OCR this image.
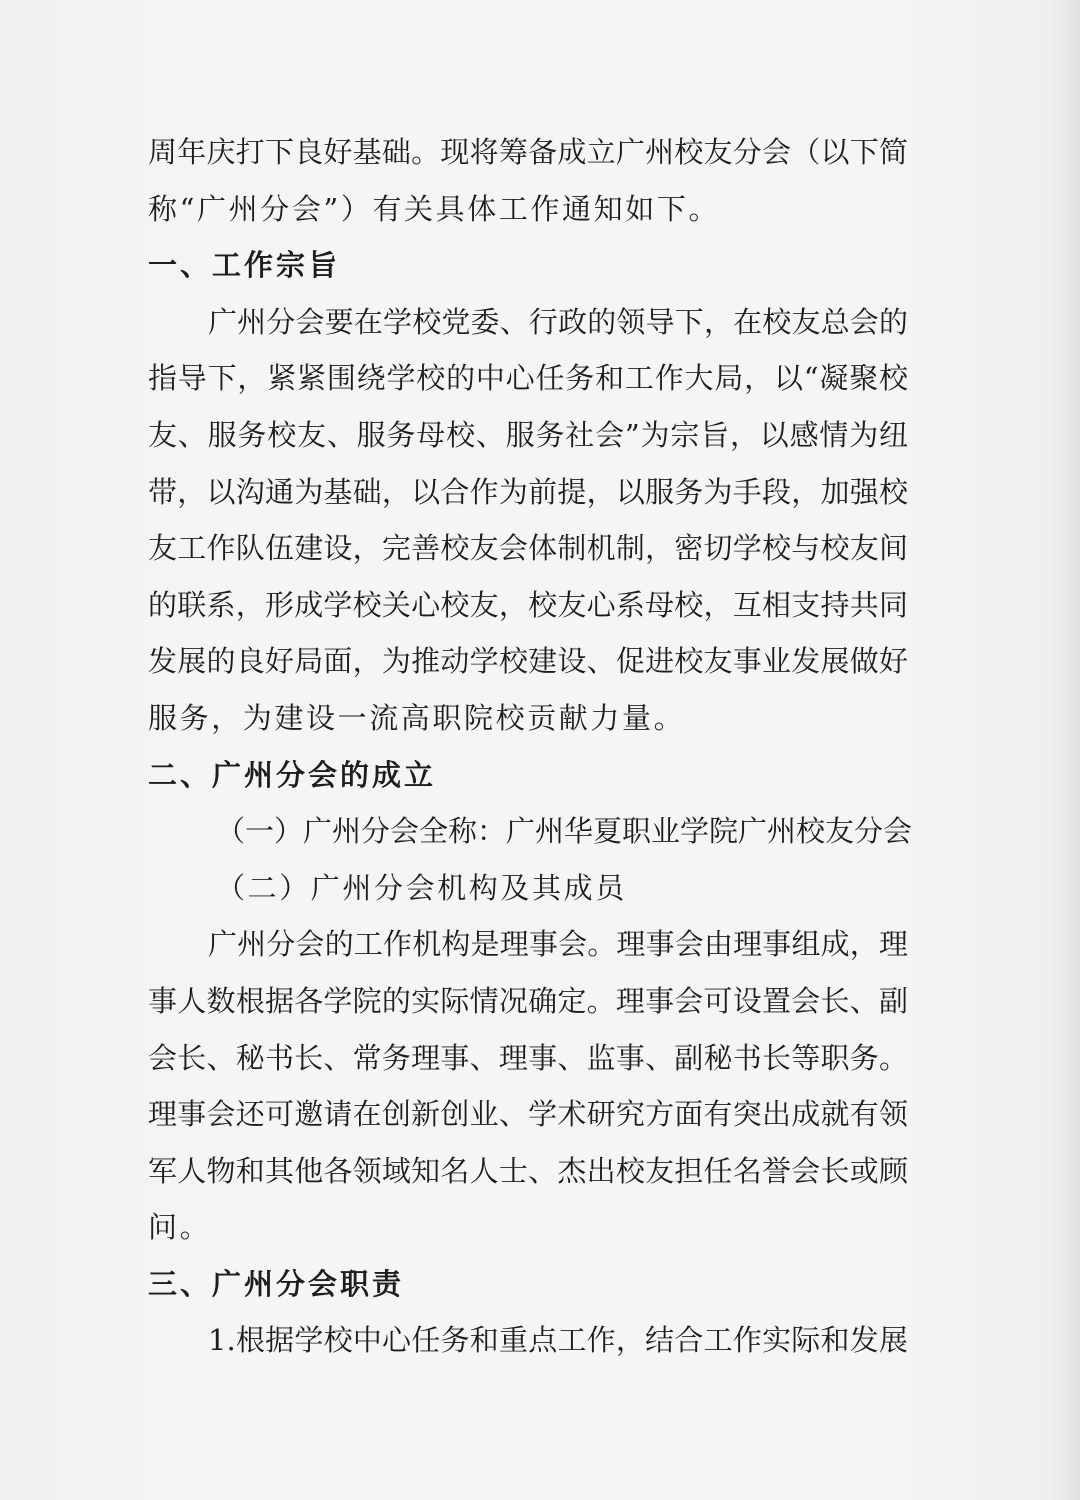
周年庆打下良好基础。现将筹备成立广州校友分会（以下简
称“广州分会”）有关具体工作通知如下。
一、工作宗旨
广州分会要在学校党委、行政的领导下，在校友总会的
指导下，紧紧围绕学校的中心任务和工作大局，以“凝聚校
友、服务校友、服务母校、服务社会”为宗旨，以感情为纽
带，以沟通为基础，以合作为前提，以服务为手段，加强校
友工作队伍建设，完善校友会体制机制，密切学校与校友间
的联系，形成学校关心校友，校友心系母校，互相支持共同
发展的良好局面，为推动学校建设、促进校友事业发展做好
服务，为建设一流高职院校贡献力量。
二、广州分会的成立
（一）广州分会全称：广州华夏职业学院广州校友分会
（二）广州分会机构及其成员
广州分会的工作机构是理事会。理事会由理事组成，理
事人数根据各学院的实际情况确定。理事会可设置会长、副
会长、秘书长、常务理事、理事、监事、副秘书长等职务。
理事会还可邀请在创新创业、学术研究方面有突出成就有领
军人物和其他各领域知名人士、杰出校友担任名誉会长或顾
问。
三、广州分会职责
1.根据学校中心任务和重点工作，结合工作实际和发展
